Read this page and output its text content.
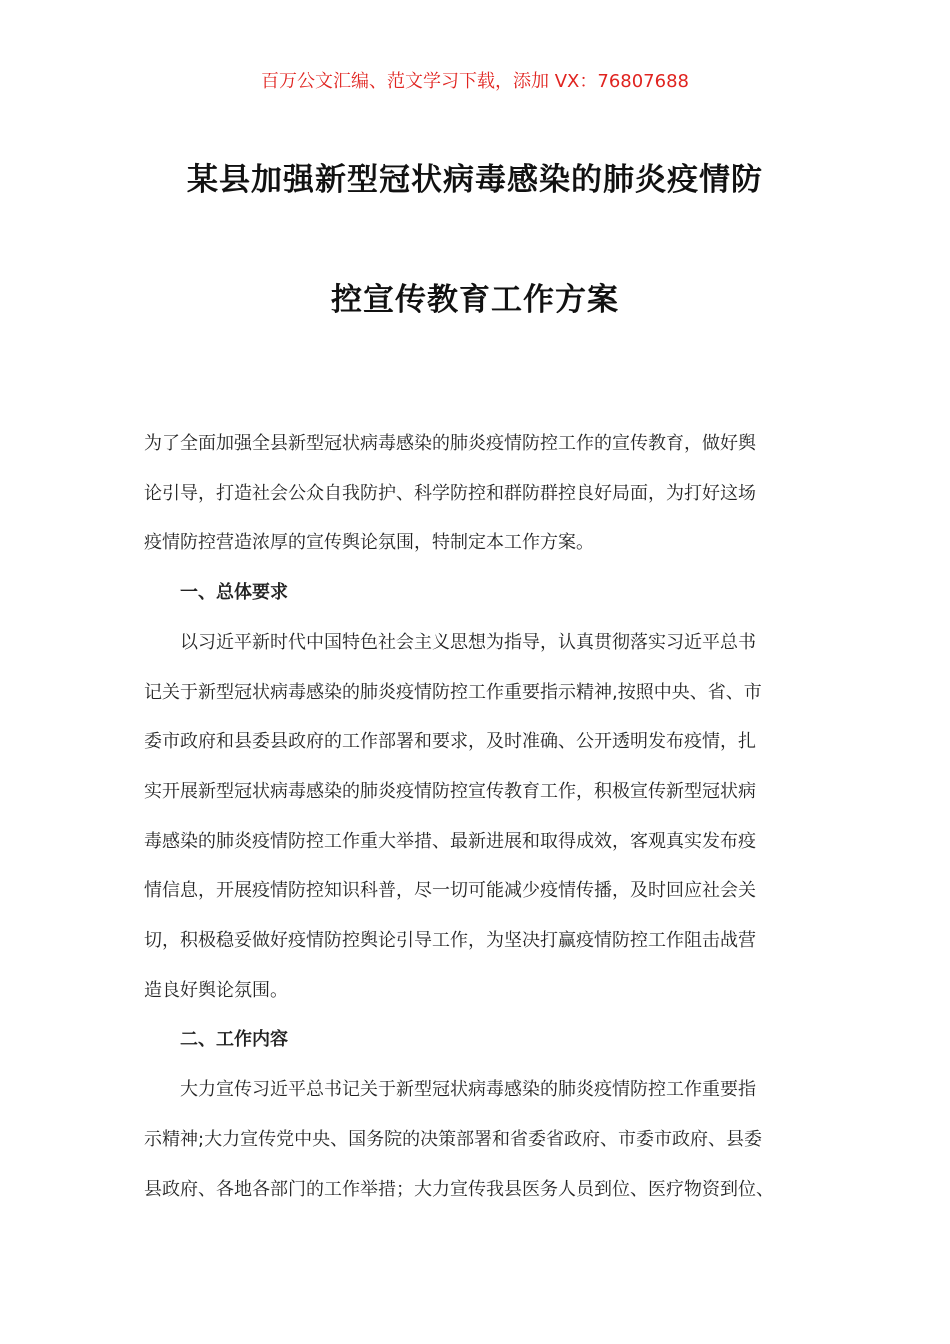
百万公文汇编、范文学习下载，添加 VX：76807688
某县加强新型冠状病毒感染的肺炎疫情防
控宣传教育工作方案
为了全面加强全县新型冠状病毒感染的肺炎疫情防控工作的宣传教育，做好舆
论引导，打造社会公众自我防护、科学防控和群防群控良好局面，为打好这场
疫情防控营造浓厚的宣传舆论氛围，特制定本工作方案。
一、总体要求
以习近平新时代中国特色社会主义思想为指导，认真贯彻落实习近平总书
记关于新型冠状病毒感染的肺炎疫情防控工作重要指示精神,按照中央、省、市
委市政府和县委县政府的工作部署和要求，及时准确、公开透明发布疫情，扎
实开展新型冠状病毒感染的肺炎疫情防控宣传教育工作，积极宣传新型冠状病
毒感染的肺炎疫情防控工作重大举措、最新进展和取得成效，客观真实发布疫
情信息，开展疫情防控知识科普，尽一切可能减少疫情传播，及时回应社会关
切，积极稳妥做好疫情防控舆论引导工作，为坚决打赢疫情防控工作阻击战营
造良好舆论氛围。
二、工作内容
大力宣传习近平总书记关于新型冠状病毒感染的肺炎疫情防控工作重要指
示精神;大力宣传党中央、国务院的决策部署和省委省政府、市委市政府、县委
县政府、各地各部门的工作举措；大力宣传我县医务人员到位、医疗物资到位、
